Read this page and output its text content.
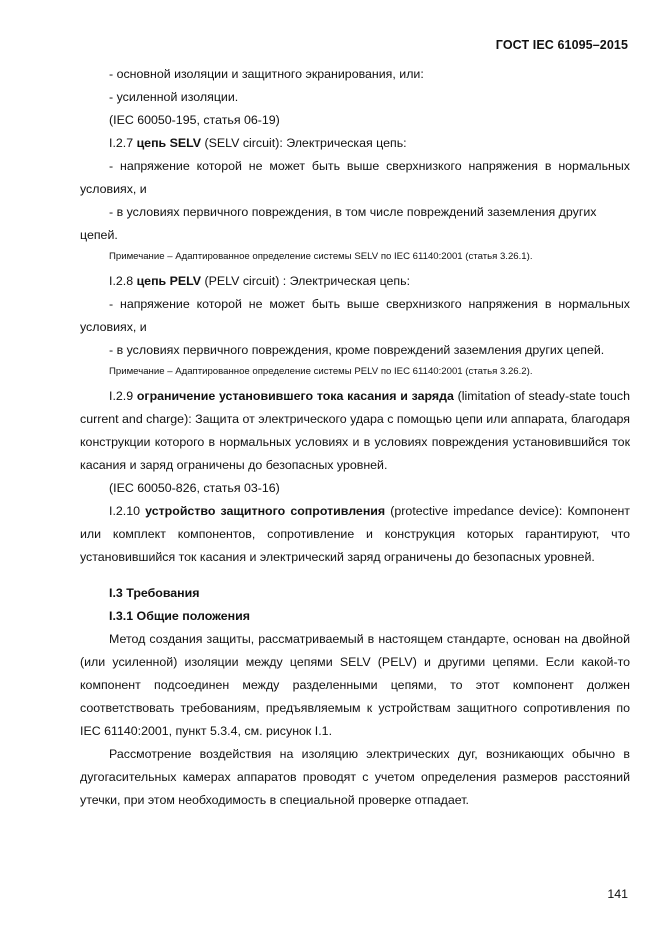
ГОСТ IEC 61095–2015

- основной изоляции и защитного экранирования, или:

- усиленной изоляции.

(IEC 60050-195, статья 06-19)

I.2.7 цепь SELV (SELV circuit): Электрическая цепь:

- напряжение которой не может быть выше сверхнизкого напряжения в нормальных условиях, и

- в условиях первичного повреждения, в том числе повреждений заземления других цепей.

Примечание – Адаптированное определение системы SELV по IEC 61140:2001 (статья 3.26.1).

I.2.8 цепь PELV (PELV circuit) : Электрическая цепь:

- напряжение которой не может быть выше сверхнизкого напряжения в нормальных условиях, и

- в условиях первичного повреждения, кроме повреждений заземления других цепей.

Примечание – Адаптированное определение системы PELV по IEC 61140:2001 (статья 3.26.2).

I.2.9 ограничение установившего тока касания и заряда (limitation of steady-state touch current and charge): Защита от электрического удара с помощью цепи или аппарата, благодаря конструкции которого в нормальных условиях и в условиях повреждения установившийся ток касания и заряд ограничены до безопасных уровней.

(IEC 60050-826, статья 03-16)

I.2.10 устройство защитного сопротивления (protective impedance device): Компонент или комплект компонентов, сопротивление и конструкция которых гарантируют, что установившийся ток касания и электрический заряд ограничены до безопасных уровней.

I.3 Требования

I.3.1 Общие положения

Метод создания защиты, рассматриваемый в настоящем стандарте, основан на двойной (или усиленной) изоляции между цепями SELV (PELV) и другими цепями. Если какой-то компонент подсоединен между разделенными цепями, то этот компонент должен соответствовать требованиям, предъявляемым к устройствам защитного сопротивления по IEC 61140:2001, пункт 5.3.4, см. рисунок I.1.

Рассмотрение воздействия на изоляцию электрических дуг, возникающих обычно в дугогасительных камерах аппаратов проводят с учетом определения размеров расстояний утечки, при этом необходимость в специальной проверке отпадает.

141
